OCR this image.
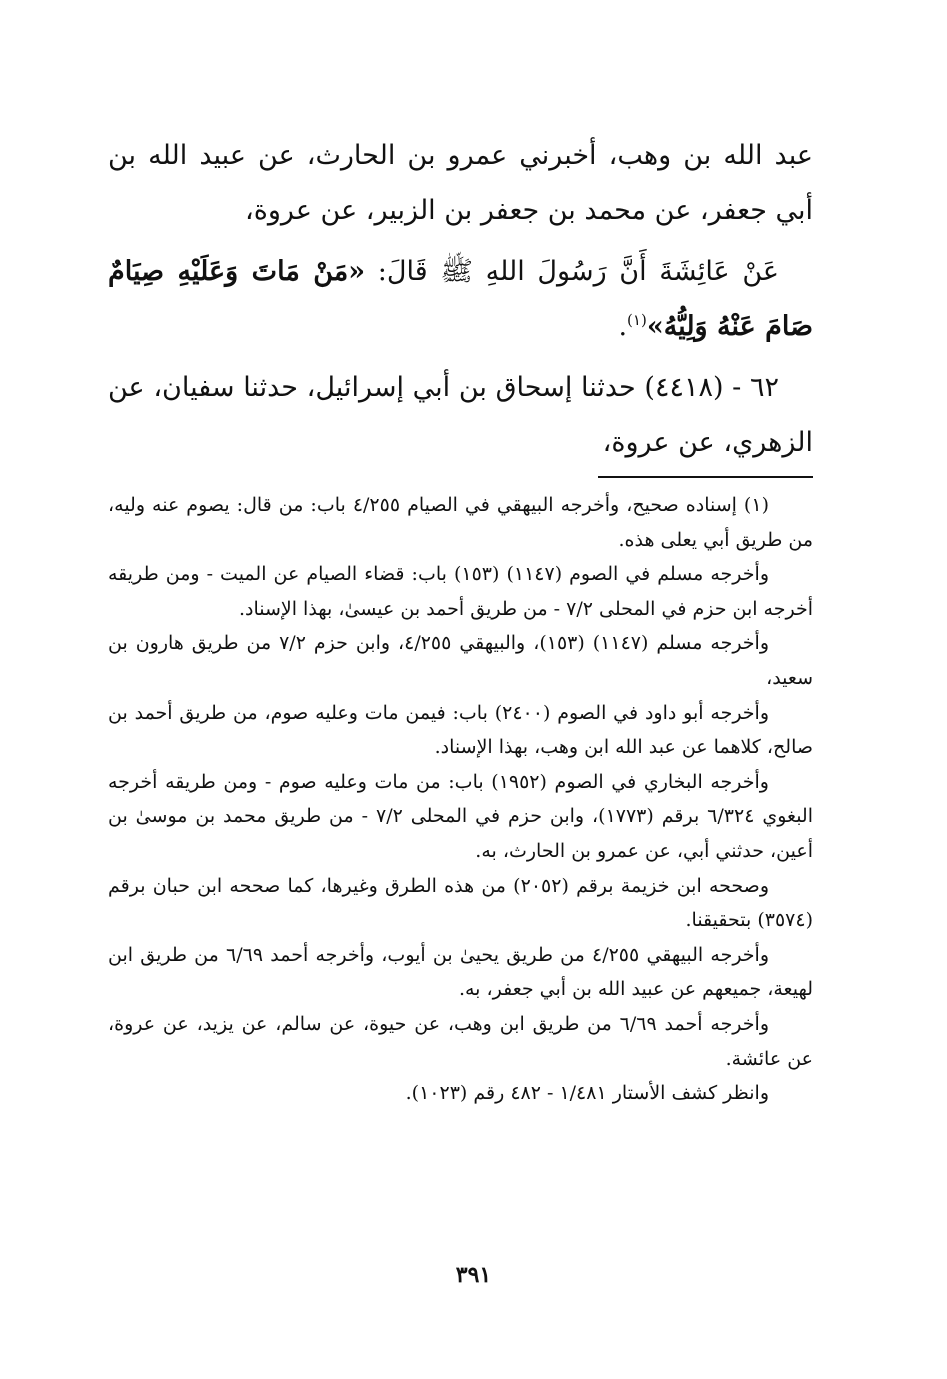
عبد الله بن وهب، أخبرني عمرو بن الحارث، عن عبيد الله بن أبي جعفر، عن محمد بن جعفر بن الزبير، عن عروة،

عَنْ عَائِشَةَ أَنَّ رَسُولَ اللهِ ﷺ قَالَ: «مَنْ مَاتَ وَعَلَيْهِ صِيَامٌ صَامَ عَنْهُ وَلِيُّهُ»$^{(١)}$.

٦٢ - (٤٤١٨) حدثنا إسحاق بن أبي إسرائيل، حدثنا سفيان، عن الزهري، عن عروة،

(١) إسناده صحيح، وأخرجه البيهقي في الصيام ٤/٢٥٥ باب: من قال: يصوم عنه وليه، من طريق أبي يعلى هذه.

وأخرجه مسلم في الصوم (١١٤٧) (١٥٣) باب: قضاء الصيام عن الميت - ومن طريقه أخرجه ابن حزم في المحلى ٧/٢ - من طريق أحمد بن عيسىٰ، بهذا الإسناد.

وأخرجه مسلم (١١٤٧) (١٥٣)، والبيهقي ٤/٢٥٥، وابن حزم ٧/٢ من طريق هارون بن سعيد،

وأخرجه أبو داود في الصوم (٢٤٠٠) باب: فيمن مات وعليه صوم، من طريق أحمد بن صالح، كلاهما عن عبد الله ابن وهب، بهذا الإسناد.

وأخرجه البخاري في الصوم (١٩٥٢) باب: من مات وعليه صوم - ومن طريقه أخرجه البغوي ٦/٣٢٤ برقم (١٧٧٣)، وابن حزم في المحلى ٧/٢ - من طريق محمد بن موسىٰ بن أعين، حدثني أبي، عن عمرو بن الحارث، به.

وصححه ابن خزيمة برقم (٢٠٥٢) من هذه الطرق وغيرها، كما صححه ابن حبان برقم (٣٥٧٤) بتحقيقنا.

وأخرجه البيهقي ٤/٢٥٥ من طريق يحيىٰ بن أيوب، وأخرجه أحمد ٦/٦٩ من طريق ابن لهيعة، جميعهم عن عبيد الله بن أبي جعفر، به.

وأخرجه أحمد ٦/٦٩ من طريق ابن وهب، عن حيوة، عن سالم، عن يزيد، عن عروة، عن عائشة.

وانظر كشف الأستار ١/٤٨١ - ٤٨٢ رقم (١٠٢٣).

٣٩١
